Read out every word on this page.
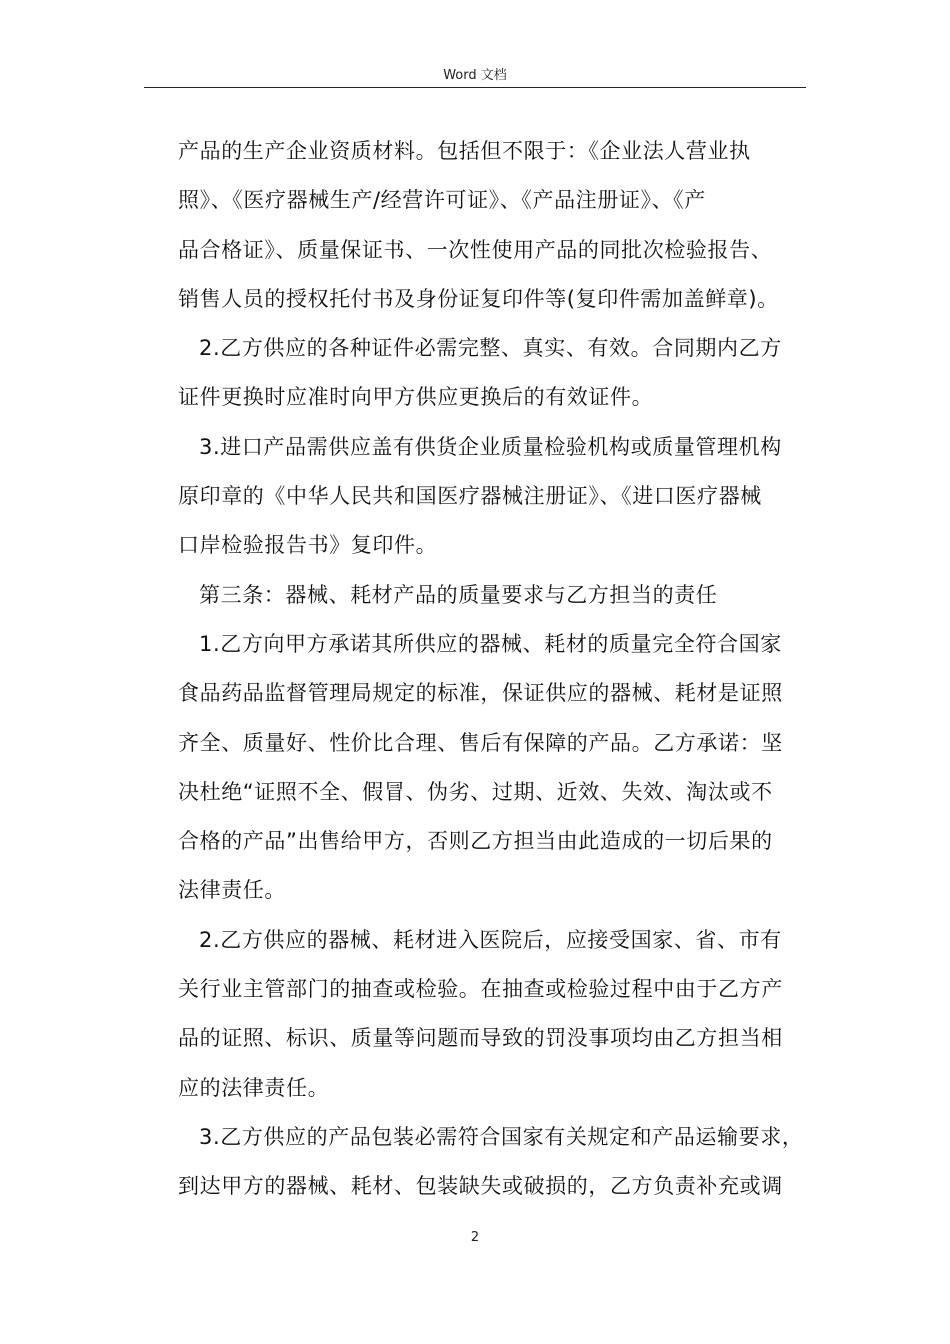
Word 文档
产品的生产企业资质材料。包括但不限于：《企业法人营业执
照》、《医疗器械生产/经营许可证》、《产品注册证》、《产
品合格证》、质量保证书、一次性使用产品的同批次检验报告、
销售人员的授权托付书及身份证复印件等(复印件需加盖鲜章)。
2.乙方供应的各种证件必需完整、真实、有效。合同期内乙方
证件更换时应准时向甲方供应更换后的有效证件。
3.进口产品需供应盖有供货企业质量检验机构或质量管理机构
原印章的《中华人民共和国医疗器械注册证》、《进口医疗器械
口岸检验报告书》复印件。
第三条：器械、耗材产品的质量要求与乙方担当的责任
1.乙方向甲方承诺其所供应的器械、耗材的质量完全符合国家
食品药品监督管理局规定的标准，保证供应的器械、耗材是证照
齐全、质量好、性价比合理、售后有保障的产品。乙方承诺：坚
决杜绝“证照不全、假冒、伪劣、过期、近效、失效、淘汰或不
合格的产品”出售给甲方，否则乙方担当由此造成的一切后果的
法律责任。
2.乙方供应的器械、耗材进入医院后，应接受国家、省、市有
关行业主管部门的抽查或检验。在抽查或检验过程中由于乙方产
品的证照、标识、质量等问题而导致的罚没事项均由乙方担当相
应的法律责任。
3.乙方供应的产品包装必需符合国家有关规定和产品运输要求，
到达甲方的器械、耗材、包装缺失或破损的，乙方负责补充或调
2
